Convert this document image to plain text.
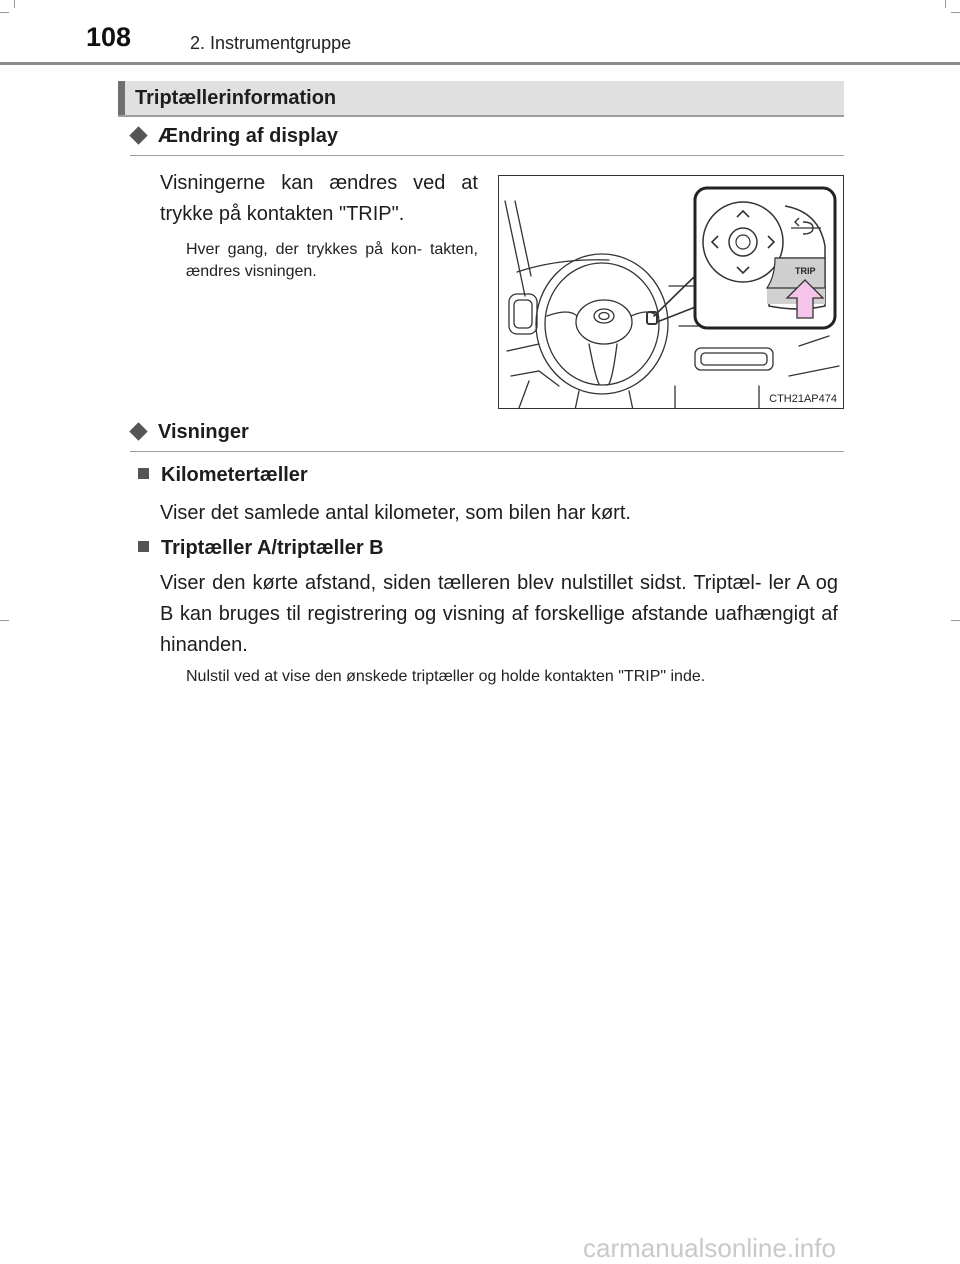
108	2. Instrumentgruppe
Triptællerinformation
Ændring af display
Visningerne kan ændres ved at trykke på kontakten "TRIP".
Hver gang, der trykkes på kon- takten, ændres visningen.	TRIP
CTH21AP474
Visninger
Kilometertæller
Viser det samlede antal kilometer, som bilen har kørt.
Triptæller A/triptæller B
Viser den kørte afstand, siden tælleren blev nulstillet sidst. Triptæl- ler A og B kan bruges til registrering og visning af forskellige afstande uafhængigt af hinanden.
Nulstil ved at vise den ønskede triptæller og holde kontakten "TRIP" inde.
carmanualsonline.info
